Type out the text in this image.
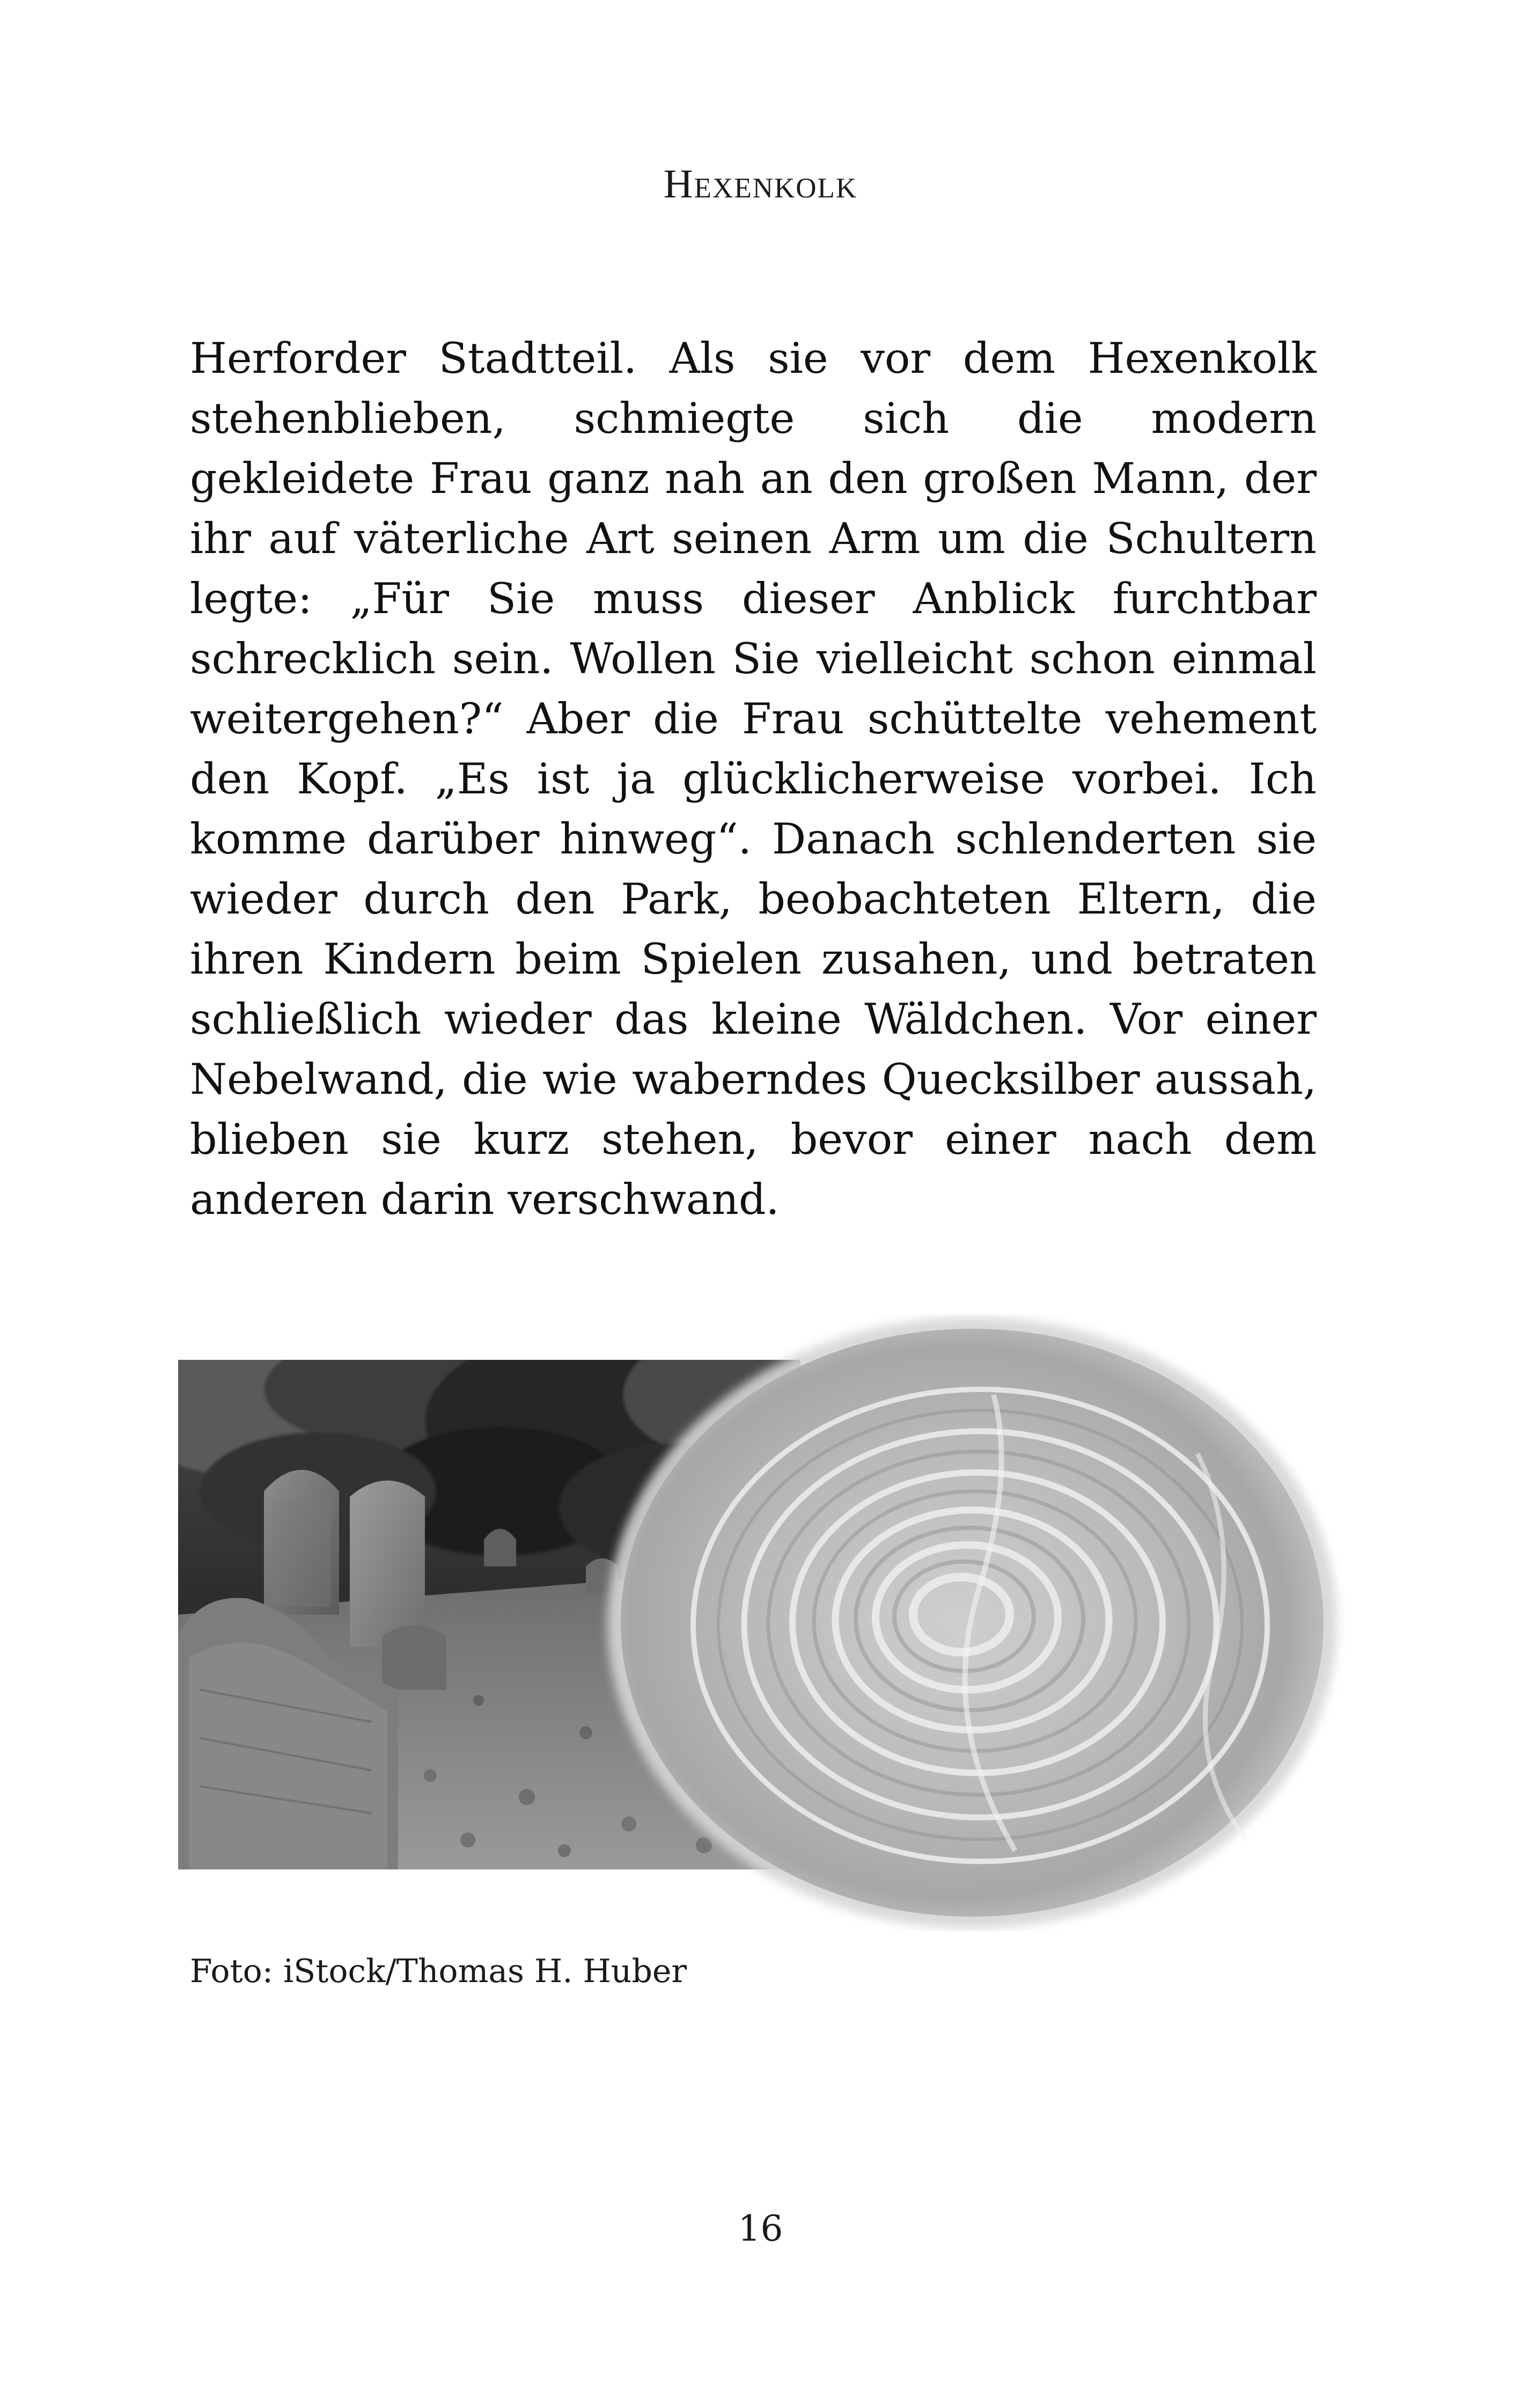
Hexenkolk

Herforder Stadtteil. Als sie vor dem Hexenkolk stehenblieben, schmiegte sich die modern gekleidete Frau ganz nah an den großen Mann, der ihr auf väterliche Art seinen Arm um die Schultern legte: „Für Sie muss dieser Anblick furchtbar schrecklich sein. Wollen Sie vielleicht schon einmal weitergehen?“ Aber die Frau schüttelte vehement den Kopf. „Es ist ja glücklicherweise vorbei. Ich komme darüber hinweg“. Danach schlenderten sie wieder durch den Park, beobachteten Eltern, die ihren Kindern beim Spielen zusahen, und betraten schließlich wieder das kleine Wäldchen. Vor einer Nebelwand, die wie waberndes Quecksilber aussah, blieben sie kurz stehen, bevor einer nach dem anderen darin verschwand.

Foto: iStock/Thomas H. Huber
16
